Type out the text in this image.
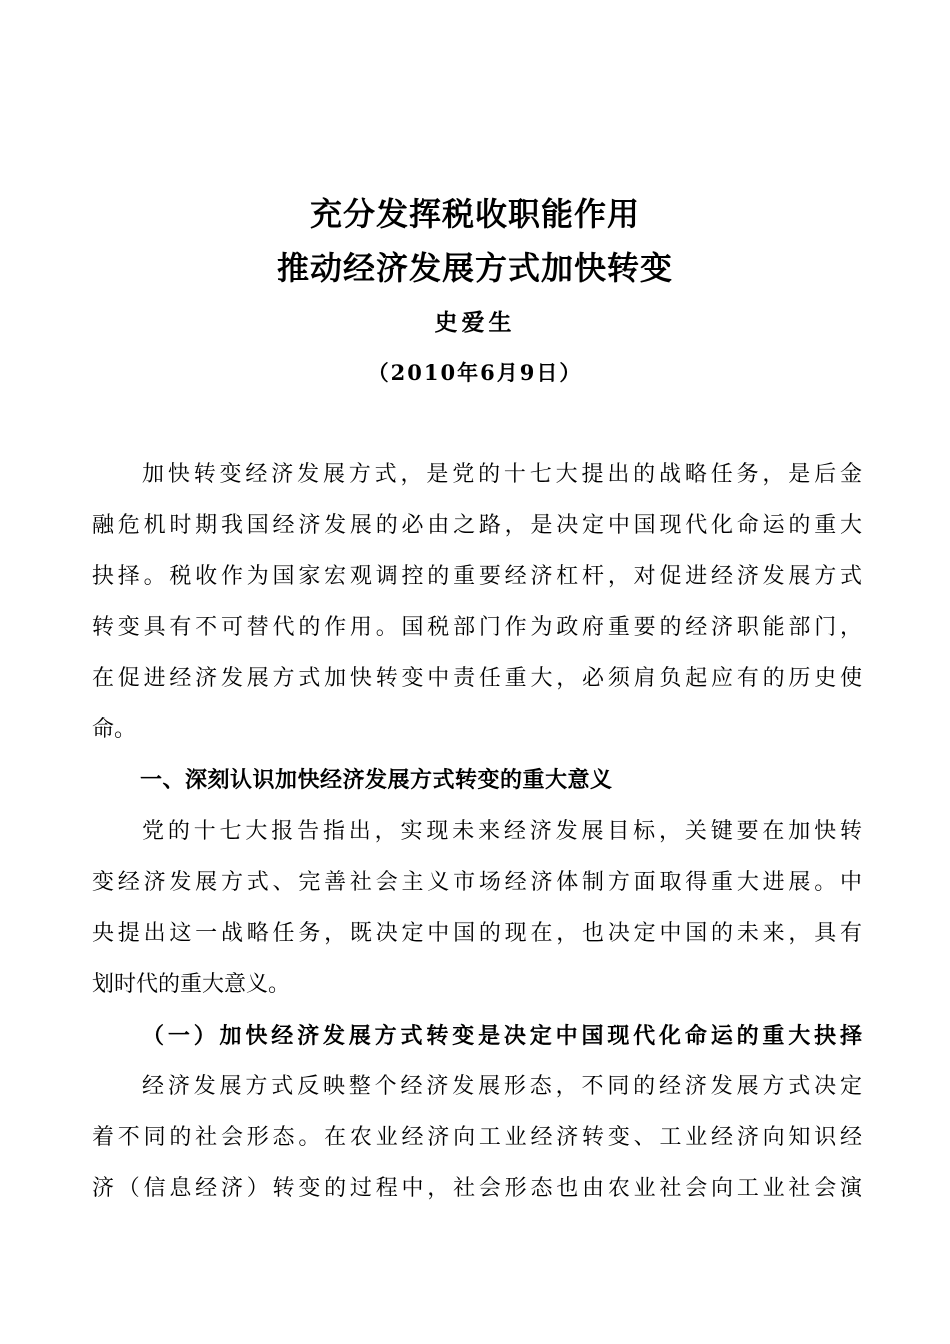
充分发挥税收职能作用
推动经济发展方式加快转变
史爱生
（2010年6月9日）
加快转变经济发展方式，是党的十七大提出的战略任务，是后金
融危机时期我国经济发展的必由之路，是决定中国现代化命运的重大
抉择。税收作为国家宏观调控的重要经济杠杆，对促进经济发展方式
转变具有不可替代的作用。国税部门作为政府重要的经济职能部门，
在促进经济发展方式加快转变中责任重大，必须肩负起应有的历史使
命。
一、深刻认识加快经济发展方式转变的重大意义
党的十七大报告指出，实现未来经济发展目标，关键要在加快转
变经济发展方式、完善社会主义市场经济体制方面取得重大进展。中
央提出这一战略任务，既决定中国的现在，也决定中国的未来，具有
划时代的重大意义。
（一）加快经济发展方式转变是决定中国现代化命运的重大抉择
经济发展方式反映整个经济发展形态，不同的经济发展方式决定
着不同的社会形态。在农业经济向工业经济转变、工业经济向知识经
济（信息经济）转变的过程中，社会形态也由农业社会向工业社会演
